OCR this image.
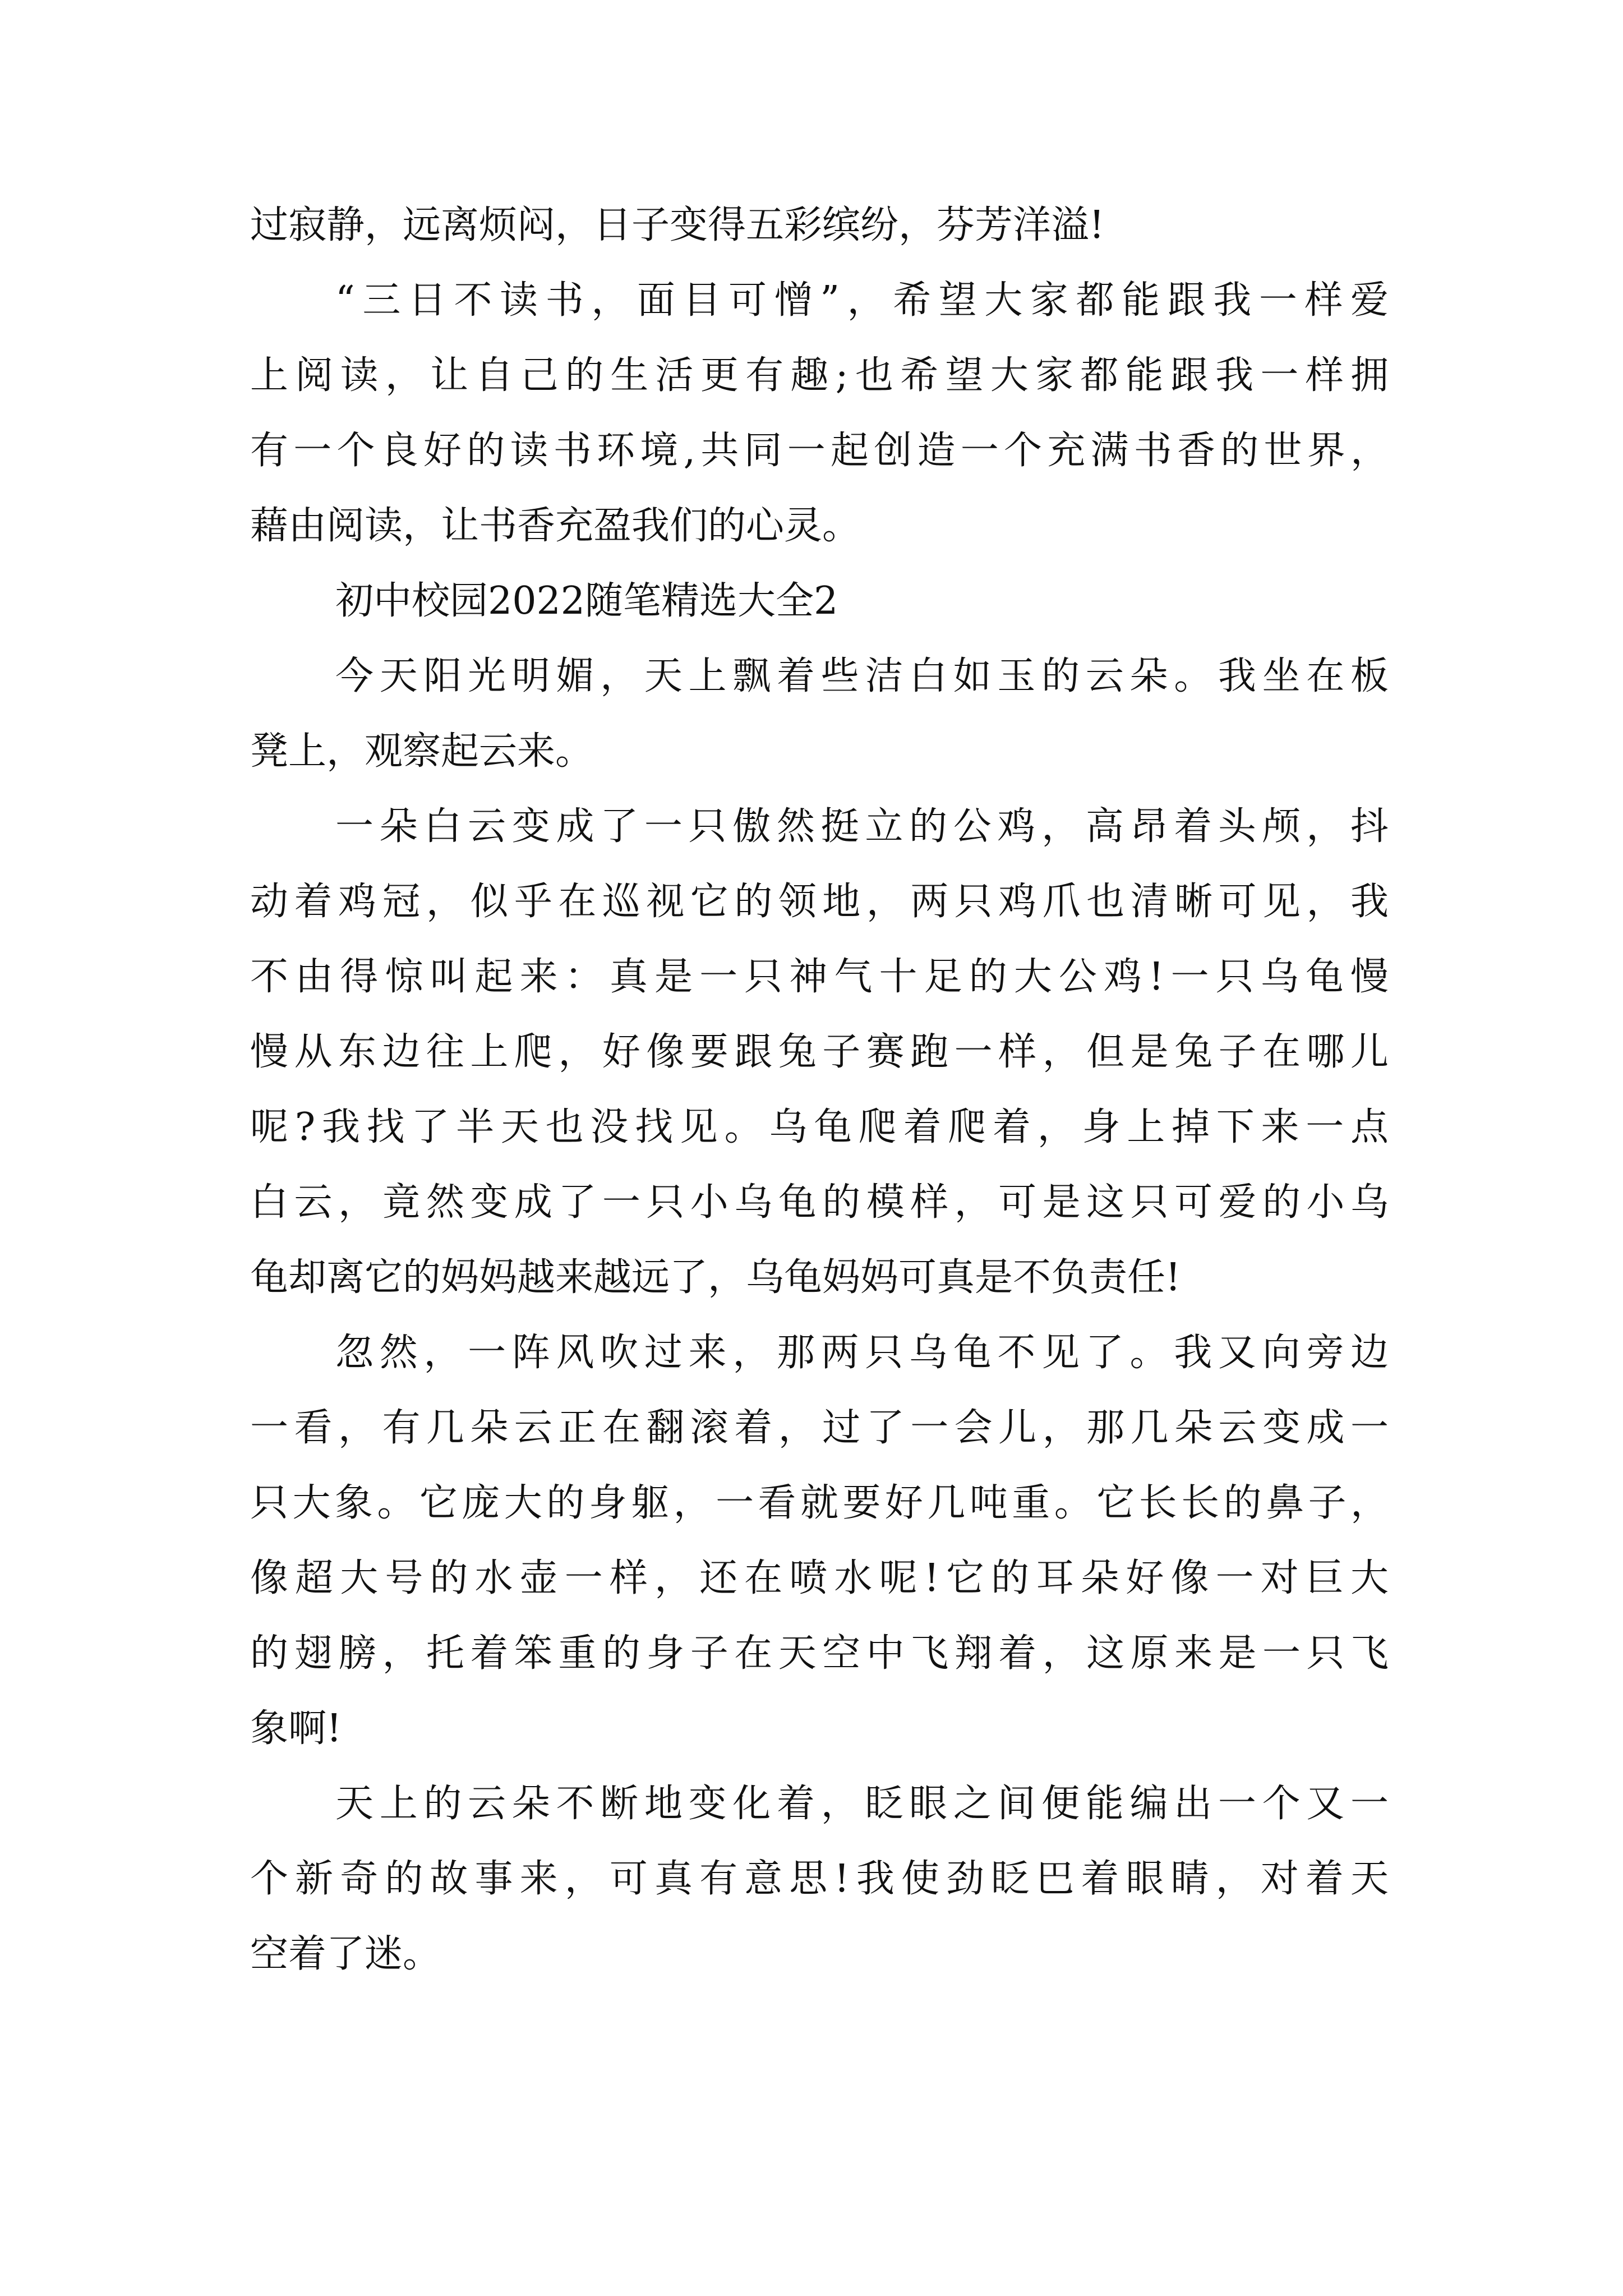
过寂静，远离烦闷，日子变得五彩缤纷，芬芳洋溢!
“三日不读书，面目可憎”，希望大家都能跟我一样爱
上阅读，让自己的生活更有趣;也希望大家都能跟我一样拥
有一个良好的读书环境,共同一起创造一个充满书香的世界，
藉由阅读，让书香充盈我们的心灵。
初中校园2022随笔精选大全2
今天阳光明媚，天上飘着些洁白如玉的云朵。我坐在板
凳上，观察起云来。
一朵白云变成了一只傲然挺立的公鸡，高昂着头颅，抖
动着鸡冠，似乎在巡视它的领地，两只鸡爪也清晰可见，我
不由得惊叫起来：真是一只神气十足的大公鸡!一只乌龟慢
慢从东边往上爬，好像要跟兔子赛跑一样，但是兔子在哪儿
呢?我找了半天也没找见。乌龟爬着爬着，身上掉下来一点
白云，竟然变成了一只小乌龟的模样，可是这只可爱的小乌
龟却离它的妈妈越来越远了，乌龟妈妈可真是不负责任!
忽然，一阵风吹过来，那两只乌龟不见了。我又向旁边
一看，有几朵云正在翻滚着，过了一会儿，那几朵云变成一
只大象。它庞大的身躯，一看就要好几吨重。它长长的鼻子，
像超大号的水壶一样，还在喷水呢!它的耳朵好像一对巨大
的翅膀，托着笨重的身子在天空中飞翔着，这原来是一只飞
象啊!
天上的云朵不断地变化着，眨眼之间便能编出一个又一
个新奇的故事来，可真有意思!我使劲眨巴着眼睛，对着天
空着了迷。
